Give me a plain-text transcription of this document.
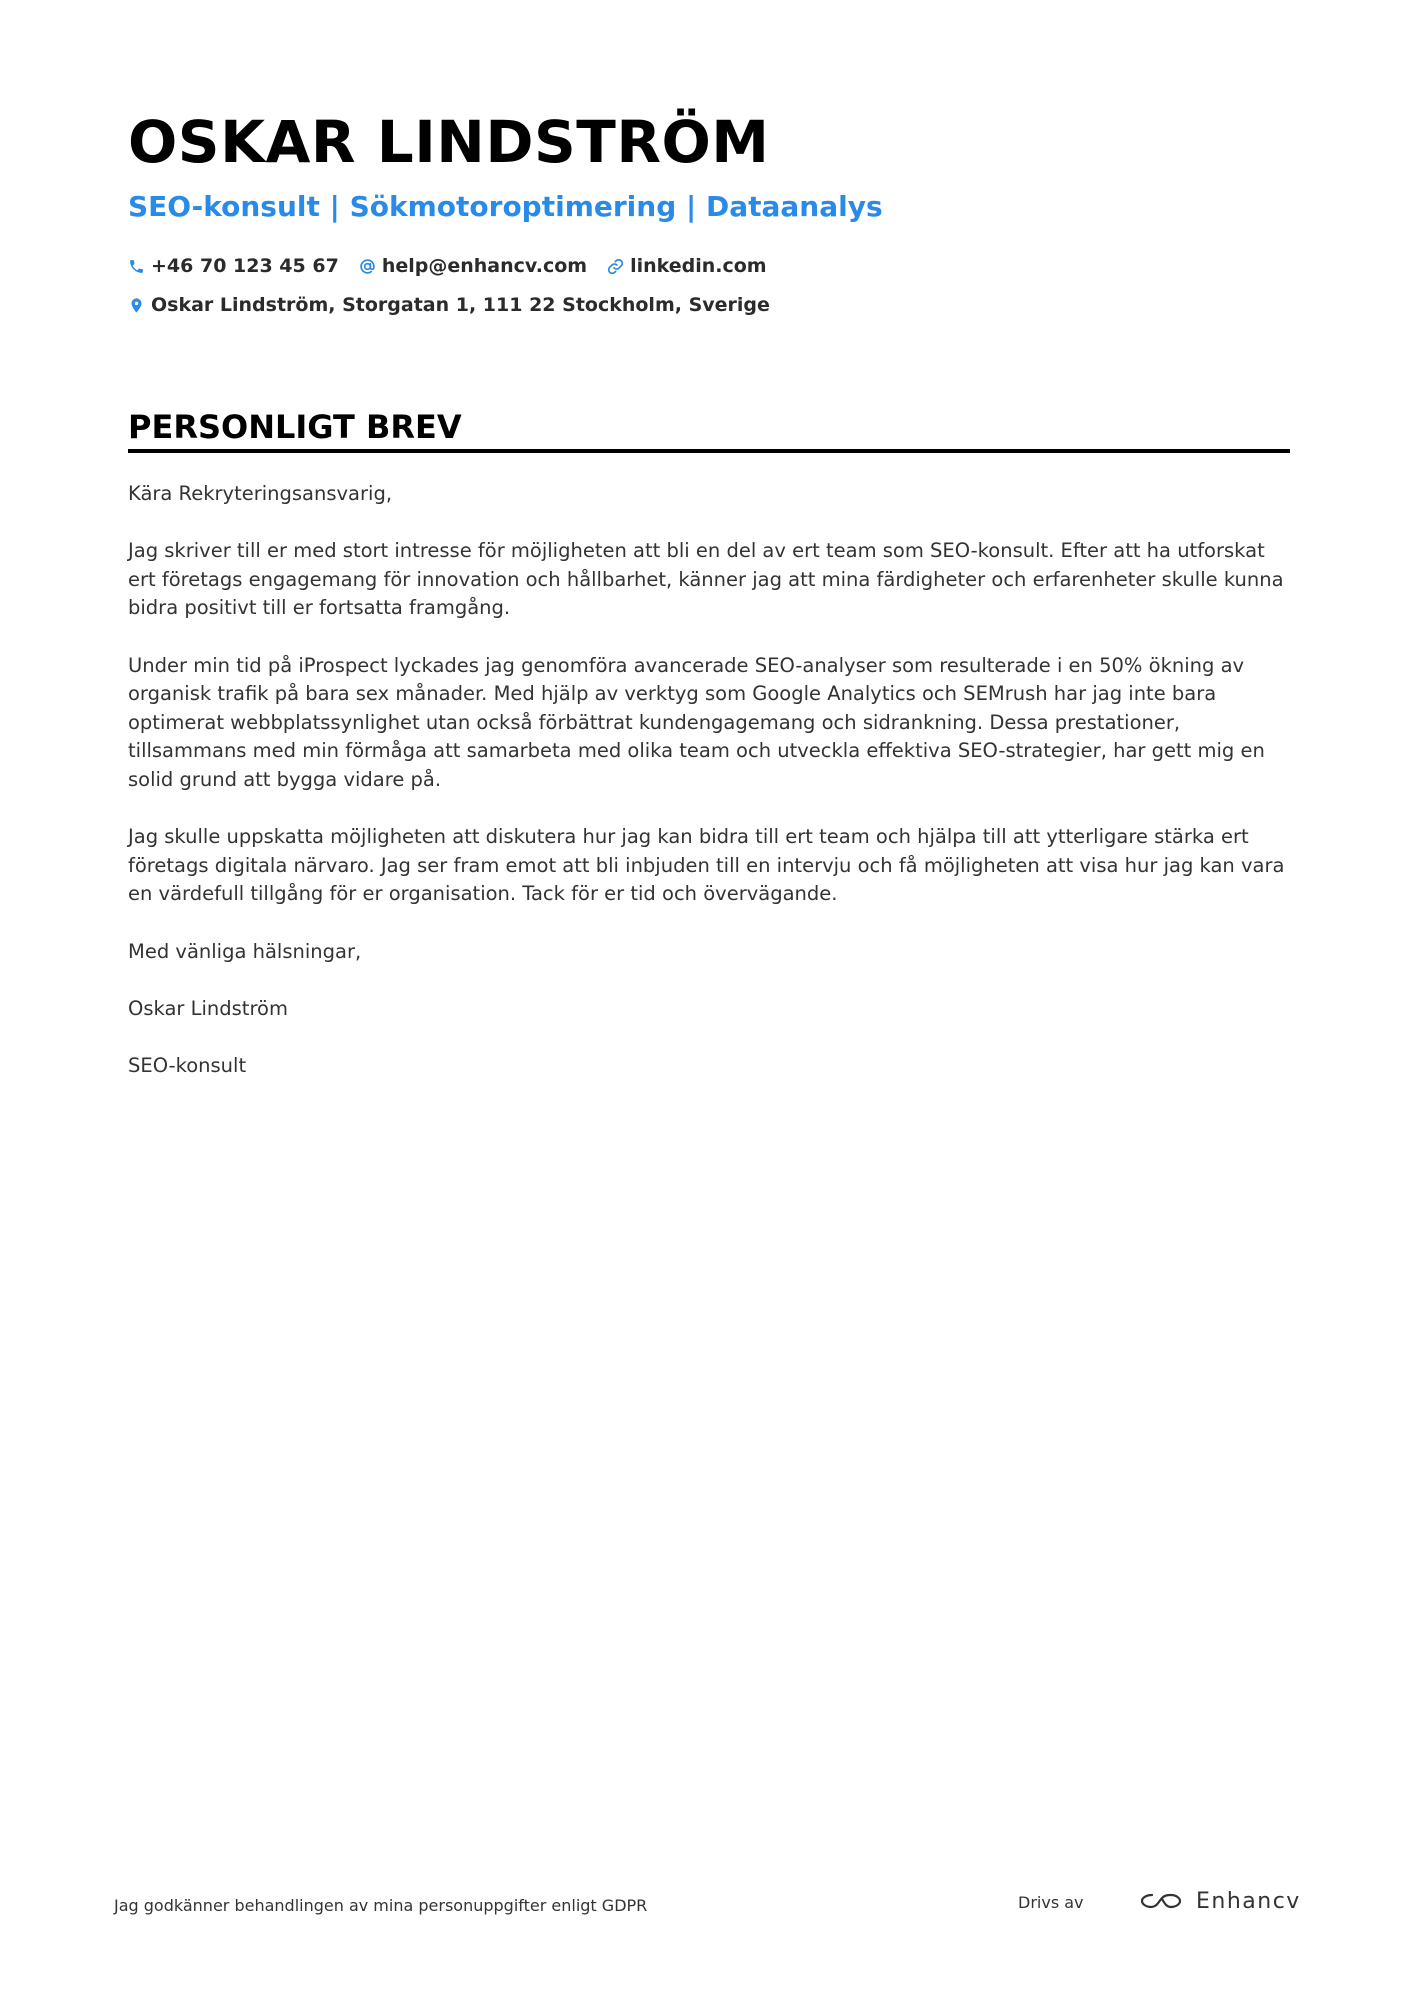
OSKAR LINDSTRÖM
SEO-konsult | Sökmotoroptimering | Dataanalys
+46 70 123 45 67 help@enhancv.com linkedin.com
Oskar Lindström, Storgatan 1, 111 22 Stockholm, Sverige
PERSONLIGT BREV

Kära Rekryteringsansvarig,

Jag skriver till er med stort intresse för möjligheten att bli en del av ert team som SEO-konsult. Efter att ha utforskat ert företags engagemang för innovation och hållbarhet, känner jag att mina färdigheter och erfarenheter skulle kunna bidra positivt till er fortsatta framgång.

Under min tid på iProspect lyckades jag genomföra avancerade SEO-analyser som resulterade i en 50% ökning av organisk trafik på bara sex månader. Med hjälp av verktyg som Google Analytics och SEMrush har jag inte bara optimerat webbplatssynlighet utan också förbättrat kundengagemang och sidrankning. Dessa prestationer, tillsammans med min förmåga att samarbeta med olika team och utveckla effektiva SEO-strategier, har gett mig en solid grund att bygga vidare på.

Jag skulle uppskatta möjligheten att diskutera hur jag kan bidra till ert team och hjälpa till att ytterligare stärka ert företags digitala närvaro. Jag ser fram emot att bli inbjuden till en intervju och få möjligheten att visa hur jag kan vara en värdefull tillgång för er organisation. Tack för er tid och övervägande.

Med vänliga hälsningar,

Oskar Lindström

SEO-konsult

Jag godkänner behandlingen av mina personuppgifter enligt GDPR	Drivs av	Enhancv
